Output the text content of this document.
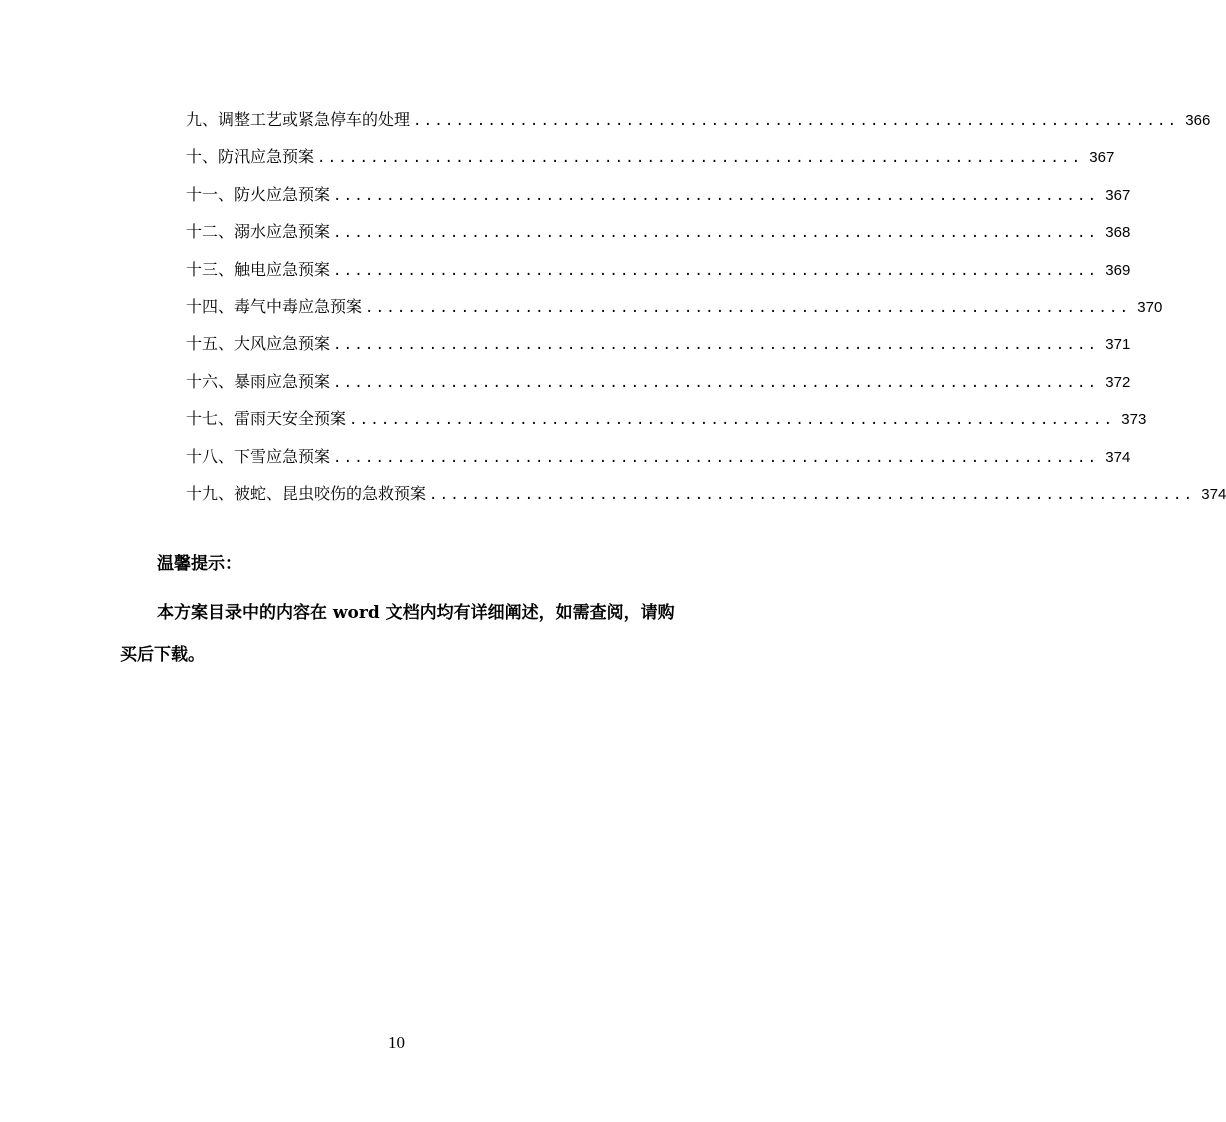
九、调整工艺或紧急停车的处理 ........................................................................ 366
十、防汛应急预案 ........................................................................ 367
十一、防火应急预案 ........................................................................ 367
十二、溺水应急预案 ........................................................................ 368
十三、触电应急预案 ........................................................................ 369
十四、毒气中毒应急预案 ........................................................................ 370
十五、大风应急预案 ........................................................................ 371
十六、暴雨应急预案 ........................................................................ 372
十七、雷雨天安全预案 ........................................................................ 373
十八、下雪应急预案 ........................................................................ 374
十九、被蛇、昆虫咬伤的急救预案 ........................................................................ 374

温馨提示：

本方案目录中的内容在 word 文档内均有详细阐述，如需查阅，请购买后下载。

10
